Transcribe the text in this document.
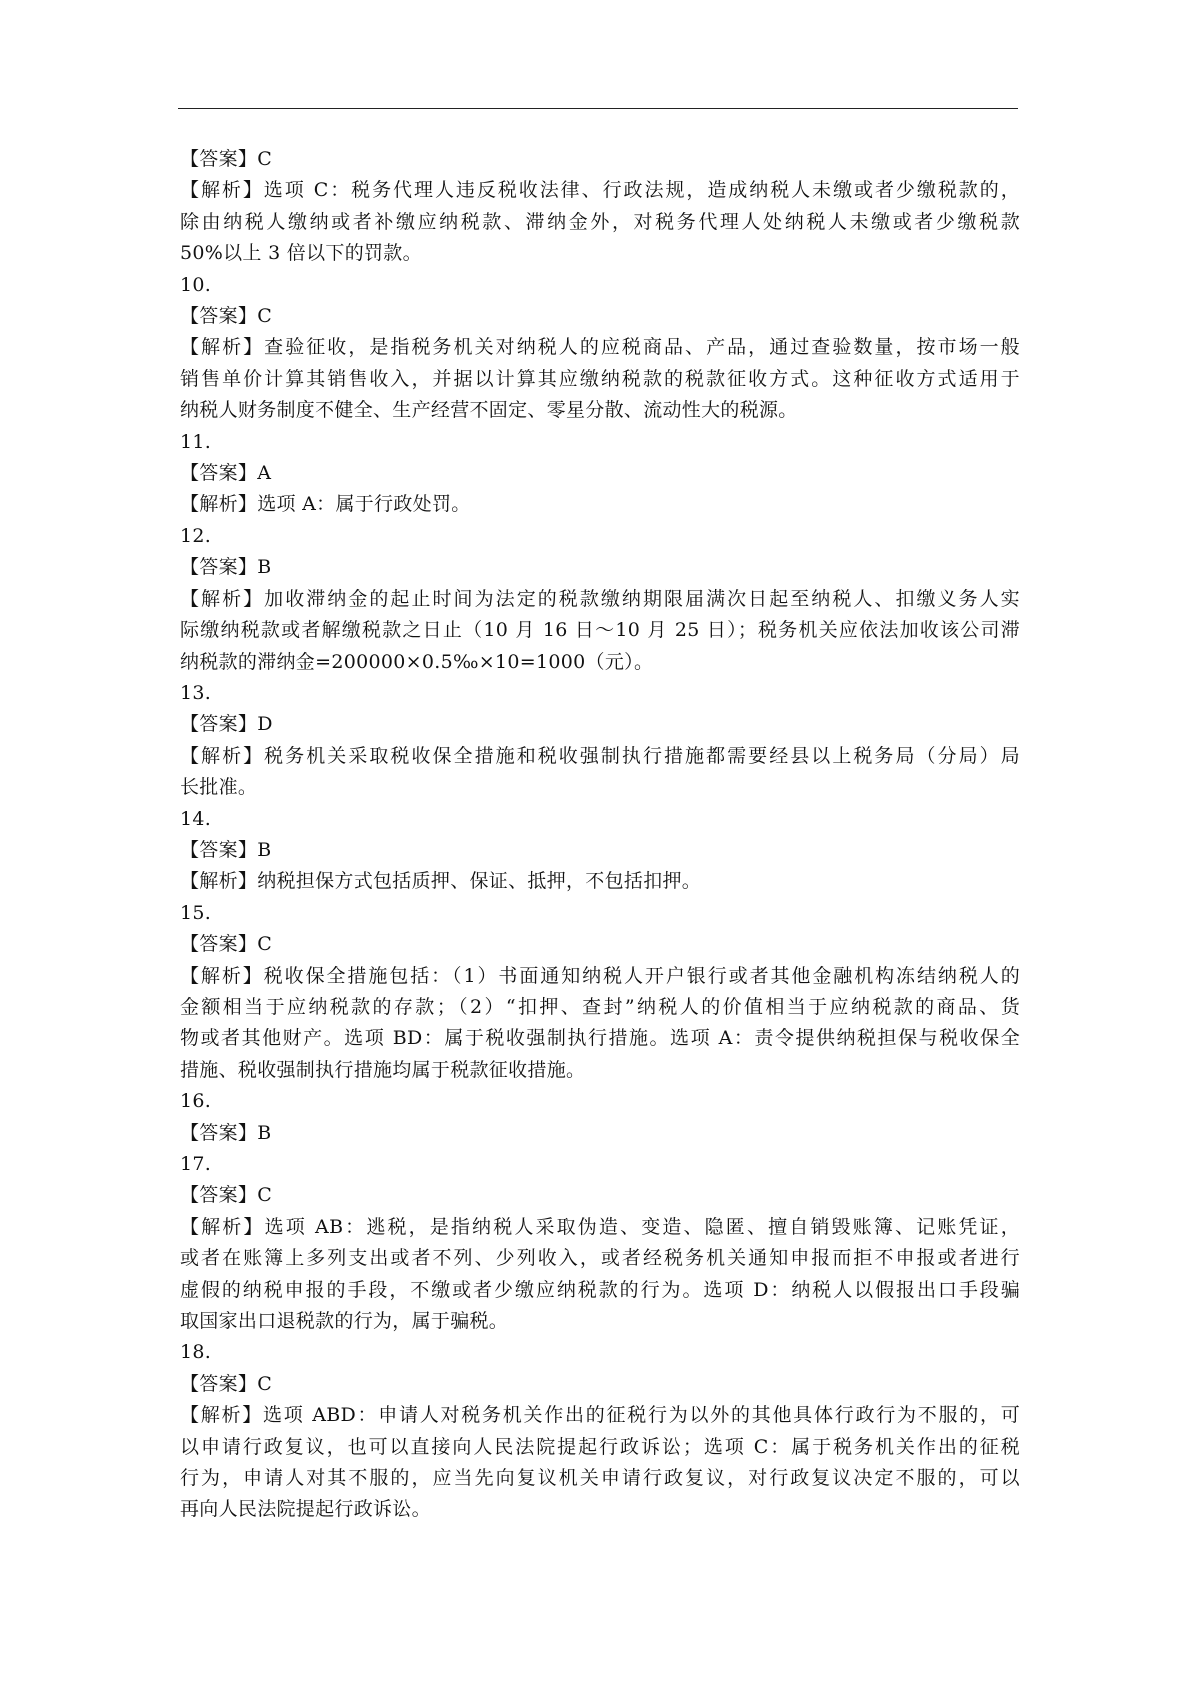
【答案】C
【解析】选项 C：税务代理人违反税收法律、行政法规，造成纳税人未缴或者少缴税款的，
除由纳税人缴纳或者补缴应纳税款、滞纳金外，对税务代理人处纳税人未缴或者少缴税款
50%以上 3 倍以下的罚款。
10.
【答案】C
【解析】查验征收，是指税务机关对纳税人的应税商品、产品，通过查验数量，按市场一般
销售单价计算其销售收入，并据以计算其应缴纳税款的税款征收方式。这种征收方式适用于
纳税人财务制度不健全、生产经营不固定、零星分散、流动性大的税源。
11.
【答案】A
【解析】选项 A：属于行政处罚。
12.
【答案】B
【解析】加收滞纳金的起止时间为法定的税款缴纳期限届满次日起至纳税人、扣缴义务人实
际缴纳税款或者解缴税款之日止（10 月 16 日～10 月 25 日）；税务机关应依法加收该公司滞
纳税款的滞纳金=200000×0.5‰×10=1000（元）。
13.
【答案】D
【解析】税务机关采取税收保全措施和税收强制执行措施都需要经县以上税务局（分局）局
长批准。
14.
【答案】B
【解析】纳税担保方式包括质押、保证、抵押，不包括扣押。
15.
【答案】C
【解析】税收保全措施包括：（1）书面通知纳税人开户银行或者其他金融机构冻结纳税人的
金额相当于应纳税款的存款；（2）“扣押、查封”纳税人的价值相当于应纳税款的商品、货
物或者其他财产。选项 BD：属于税收强制执行措施。选项 A：责令提供纳税担保与税收保全
措施、税收强制执行措施均属于税款征收措施。
16.
【答案】B
17.
【答案】C
【解析】选项 AB：逃税，是指纳税人采取伪造、变造、隐匿、擅自销毁账簿、记账凭证，
或者在账簿上多列支出或者不列、少列收入，或者经税务机关通知申报而拒不申报或者进行
虚假的纳税申报的手段，不缴或者少缴应纳税款的行为。选项 D：纳税人以假报出口手段骗
取国家出口退税款的行为，属于骗税。
18.
【答案】C
【解析】选项 ABD：申请人对税务机关作出的征税行为以外的其他具体行政行为不服的，可
以申请行政复议，也可以直接向人民法院提起行政诉讼；选项 C：属于税务机关作出的征税
行为，申请人对其不服的，应当先向复议机关申请行政复议，对行政复议决定不服的，可以
再向人民法院提起行政诉讼。
